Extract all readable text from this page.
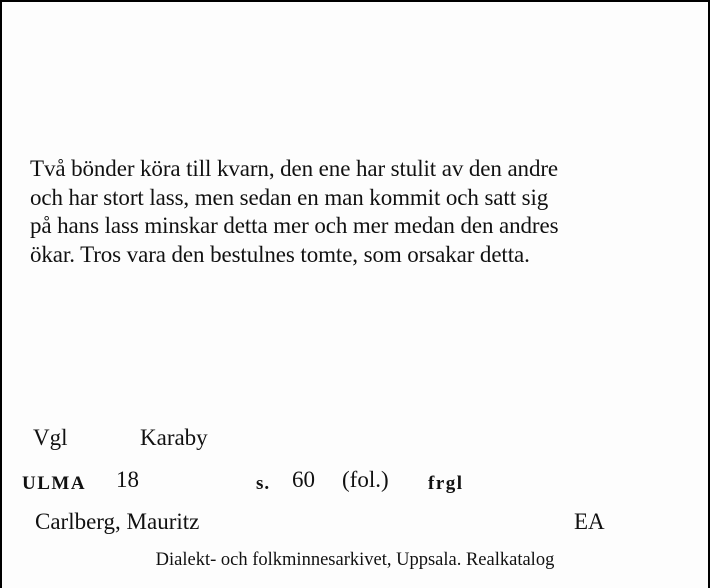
Två bönder köra till kvarn, den ene har stulit av den andre
och har stort lass, men sedan en man kommit och satt sig
på hans lass minskar detta mer och mer medan den andres
ökar. Tros vara den bestulnes tomte, som orsakar detta.
Vgl	Karaby
ULMA 18	s. 60 (fol.) frgl
Carlberg, Mauritz	EA
Dialekt- och folkminnesarkivet, Uppsala. Realkatalog
